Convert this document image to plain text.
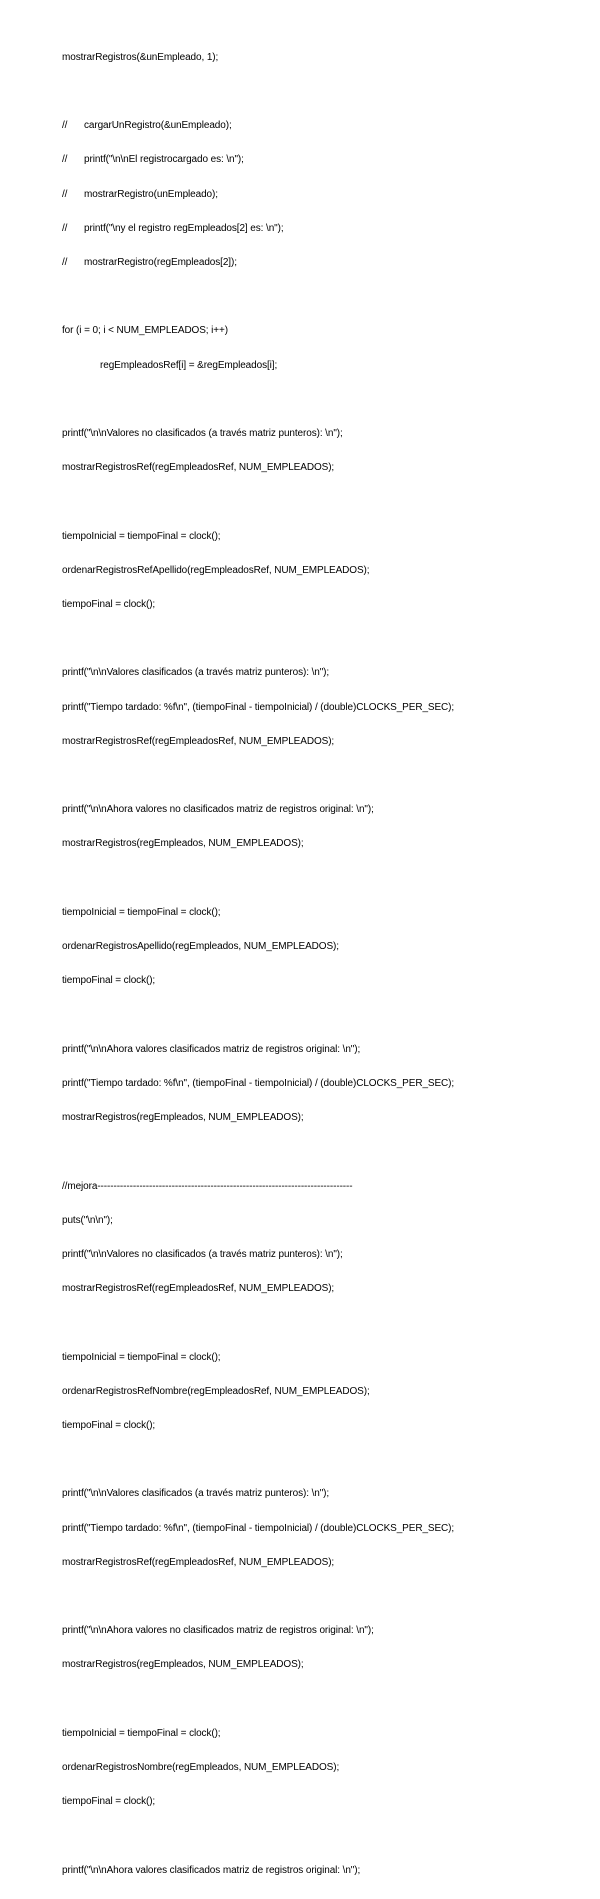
mostrarRegistros(&unEmpleado, 1);

// cargarUnRegistro(&unEmpleado);

// printf("\n\nEl registrocargado es: \n");

// mostrarRegistro(unEmpleado);

// printf("\ny el registro regEmpleados[2] es: \n");

// mostrarRegistro(regEmpleados[2]);

for (i = 0; i < NUM_EMPLEADOS; i++)

regEmpleadosRef[i] = &regEmpleados[i];

printf("\n\nValores no clasificados (a través matriz punteros): \n");

mostrarRegistrosRef(regEmpleadosRef, NUM_EMPLEADOS);

tiempoInicial = tiempoFinal = clock();

ordenarRegistrosRefApellido(regEmpleadosRef, NUM_EMPLEADOS);

tiempoFinal = clock();

printf("\n\nValores clasificados (a través matriz punteros): \n");

printf("Tiempo tardado: %f\n", (tiempoFinal - tiempoInicial) / (double)CLOCKS_PER_SEC);

mostrarRegistrosRef(regEmpleadosRef, NUM_EMPLEADOS);

printf("\n\nAhora valores no clasificados matriz de registros original: \n");

mostrarRegistros(regEmpleados, NUM_EMPLEADOS);

tiempoInicial = tiempoFinal = clock();

ordenarRegistrosApellido(regEmpleados, NUM_EMPLEADOS);

tiempoFinal = clock();

printf("\n\nAhora valores clasificados matriz de registros original: \n");

printf("Tiempo tardado: %f\n", (tiempoFinal - tiempoInicial) / (double)CLOCKS_PER_SEC);

mostrarRegistros(regEmpleados, NUM_EMPLEADOS);

//mejora-------------------------------------------------------------------------------

puts("\n\n");

printf("\n\nValores no clasificados (a través matriz punteros): \n");

mostrarRegistrosRef(regEmpleadosRef, NUM_EMPLEADOS);

tiempoInicial = tiempoFinal = clock();

ordenarRegistrosRefNombre(regEmpleadosRef, NUM_EMPLEADOS);

tiempoFinal = clock();

printf("\n\nValores clasificados (a través matriz punteros): \n");

printf("Tiempo tardado: %f\n", (tiempoFinal - tiempoInicial) / (double)CLOCKS_PER_SEC);

mostrarRegistrosRef(regEmpleadosRef, NUM_EMPLEADOS);

printf("\n\nAhora valores no clasificados matriz de registros original: \n");

mostrarRegistros(regEmpleados, NUM_EMPLEADOS);

tiempoInicial = tiempoFinal = clock();

ordenarRegistrosNombre(regEmpleados, NUM_EMPLEADOS);

tiempoFinal = clock();

printf("\n\nAhora valores clasificados matriz de registros original: \n");
